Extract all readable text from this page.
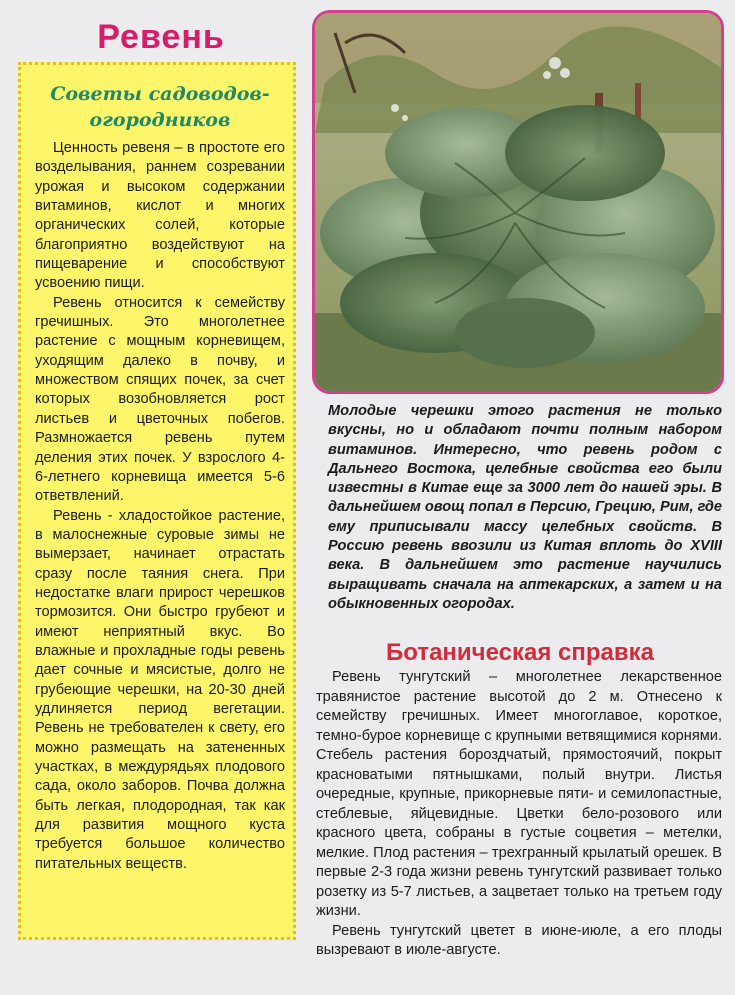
Ревень
Советы садоводов-огородников

Ценность ревеня – в простоте его возделывания, раннем созревании урожая и высоком содержании витаминов, кислот и многих органических солей, которые благоприятно воздействуют на пищеварение и способствуют усвоению пищи.

Ревень относится к семейству гречишных. Это многолетнее растение с мощным корневищем, уходящим далеко в почву, и множеством спящих почек, за счет которых возобновляется рост листьев и цветочных побегов. Размножается ревень путем деления этих почек. У взрослого 4-6-летнего корневища имеется 5-6 ответвлений.

Ревень - хладостойкое растение, в малоснежные суровые зимы не вымерзает, начинает отрастать сразу после таяния снега. При недостатке влаги прирост черешков тормозится. Они быстро грубеют и имеют неприятный вкус. Во влажные и прохладные годы ревень дает сочные и мясистые, долго не грубеющие черешки, на 20-30 дней удлиняется период вегетации. Ревень не требователен к свету, его можно размещать на затененных участках, в междурядьях плодового сада, около заборов. Почва должна быть легкая, плодородная, так как для развития мощного куста требуется большое количество питательных веществ.

Молодые черешки этого растения не только вкусны, но и обладают почти полным набором витаминов. Интересно, что ревень родом с Дальнего Востока, целебные свойства его были известны в Китае еще за 3000 лет до нашей эры. В дальнейшем овощ попал в Персию, Грецию, Рим, где ему приписывали массу целебных свойств. В Россию ревень ввозили из Китая вплоть до XVIII века. В дальнейшем это растение научились выращивать сначала на аптекарских, а затем и на обыкновенных огородах.

Ботаническая справка

Ревень тунгутский – многолетнее лекарственное травянистое растение высотой до 2 м. Отнесено к семейству гречишных. Имеет многоглавое, короткое, темно-бурое корневище с крупными ветвящимися корнями. Стебель растения бороздчатый, прямостоячий, покрыт красноватыми пятнышками, полый внутри. Листья очередные, крупные, прикорневые пяти- и семилопастные, стеблевые, яйцевидные. Цветки бело-розового или красного цвета, собраны в густые соцветия – метелки, мелкие. Плод растения – трехгранный крылатый орешек. В первые 2-3 года жизни ревень тунгутский развивает только розетку из 5-7 листьев, а зацветает только на третьем году жизни.

Ревень тунгутский цветет в июне-июле, а его плоды вызревают в июле-августе.
